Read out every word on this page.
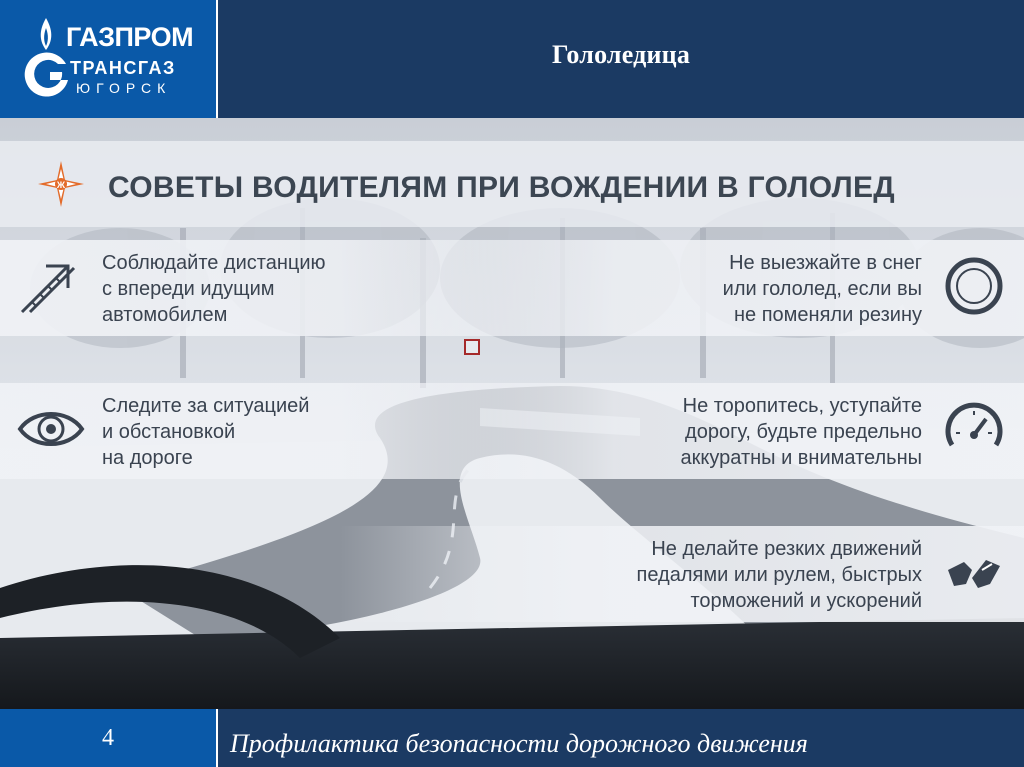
ГАЗПРОМ
ТРАНСГАЗ
ЮГОРСК
Гололедица
Ж СОВЕТЫ ВОДИТЕЛЯМ ПРИ ВОЖДЕНИИ В ГОЛОЛЕД
Соблюдайте дистанцию
с впереди идущим
автомобилем
Не выезжайте в снег
или гололед, если вы
не поменяли резину
Следите за ситуацией
и обстановкой
на дороге
Не торопитесь, уступайте
дорогу, будьте предельно
аккуратны и внимательны
Не делайте резких движений
педалями или рулем, быстрых
торможений и ускорений
4	Профилактика безопасности дорожного движения
